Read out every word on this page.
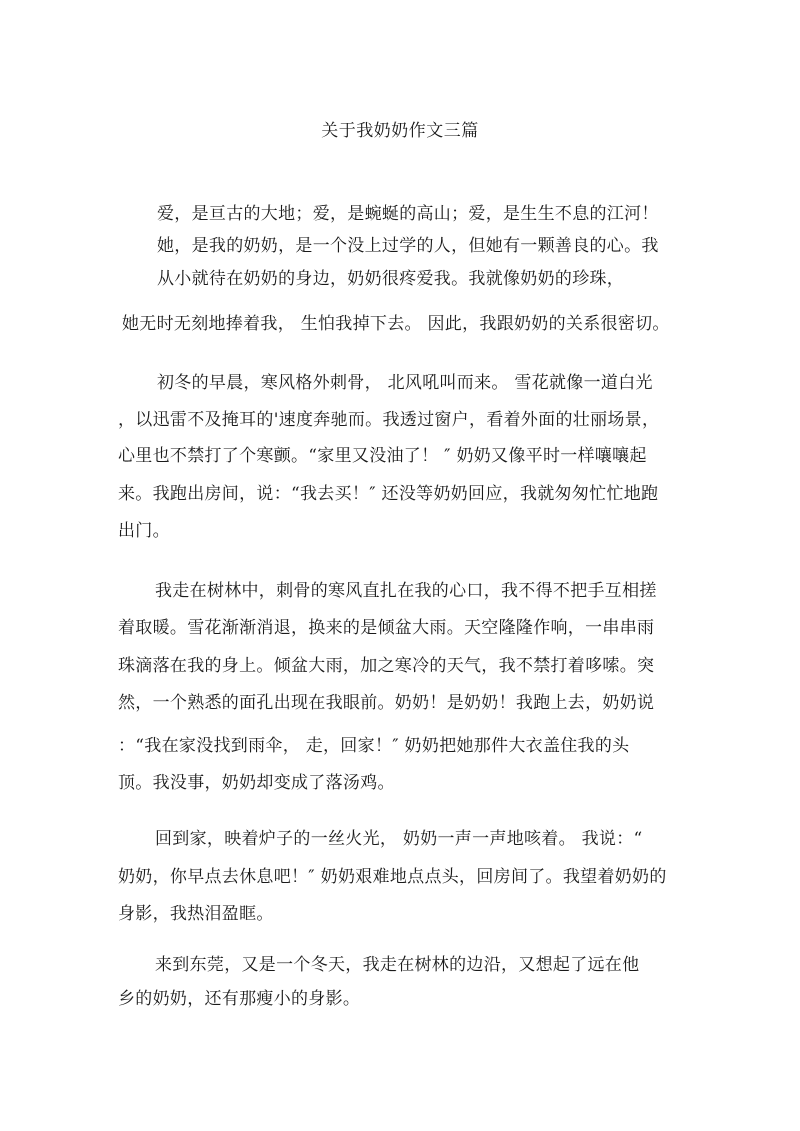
关于我奶奶作文三篇
爱，是亘古的大地；爱，是蜿蜒的高山；爱，是生生不息的江河！
她，是我的奶奶，是一个没上过学的人，但她有一颗善良的心。我
从小就待在奶奶的身边，奶奶很疼爱我。我就像奶奶的珍珠，
她无时无刻地捧着我， 生怕我掉下去。 因此，我跟奶奶的关系很密切。
初冬的早晨，寒风格外刺骨， 北风吼叫而来。 雪花就像一道白光
，以迅雷不及掩耳的'速度奔驰而。我透过窗户，看着外面的壮丽场景，
心里也不禁打了个寒颤。“家里又没油了！ ″ 奶奶又像平时一样嚷嚷起
来。我跑出房间，说：“我去买！″ 还没等奶奶回应，我就匆匆忙忙地跑
出门。
我走在树林中，刺骨的寒风直扎在我的心口，我不得不把手互相搓
着取暖。雪花渐渐消退，换来的是倾盆大雨。天空隆隆作响，一串串雨
珠滴落在我的身上。倾盆大雨，加之寒冷的天气，我不禁打着哆嗦。突
然，一个熟悉的面孔出现在我眼前。奶奶！是奶奶！我跑上去，奶奶说
：“我在家没找到雨伞， 走，回家！″ 奶奶把她那件大衣盖住我的头
顶。我没事，奶奶却变成了落汤鸡。
回到家，映着炉子的一丝火光， 奶奶一声一声地咳着。 我说：“
奶奶，你早点去休息吧！″ 奶奶艰难地点点头，回房间了。我望着奶奶的
身影，我热泪盈眶。
来到东莞，又是一个冬天，我走在树林的边沿，又想起了远在他
乡的奶奶，还有那瘦小的身影。
